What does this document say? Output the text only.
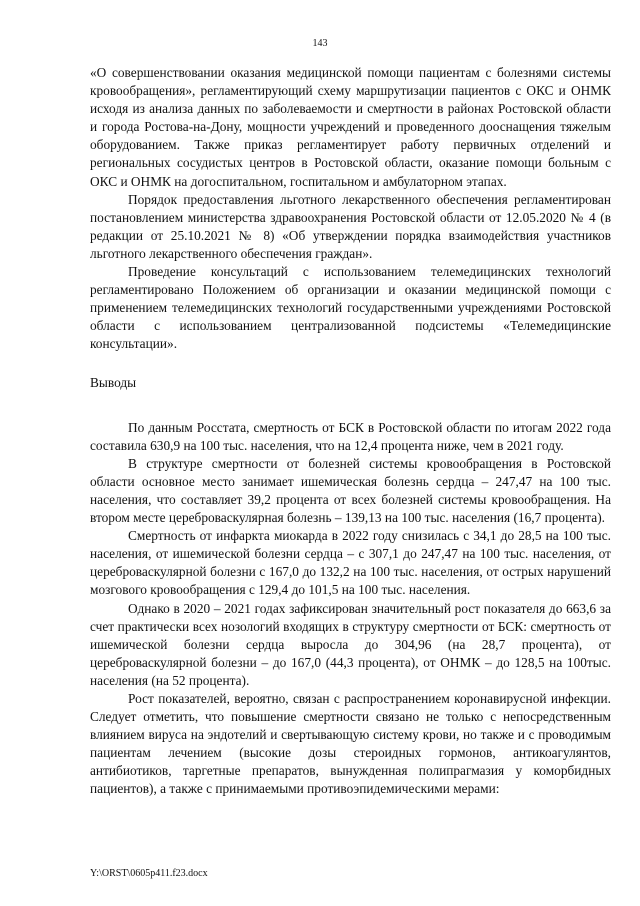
143

«О совершенствовании оказания медицинской помощи пациентам с болезнями системы кровообращения», регламентирующий схему маршрутизации пациентов с ОКС и ОНМК исходя из анализа данных по заболеваемости и смертности в районах Ростовской области и города Ростова-на-Дону, мощности учреждений и проведенного дооснащения тяжелым оборудованием. Также приказ регламентирует работу первичных отделений и региональных сосудистых центров в Ростовской области, оказание помощи больным с ОКС и ОНМК на догоспитальном, госпитальном и амбулаторном этапах.

Порядок предоставления льготного лекарственного обеспечения регламентирован постановлением министерства здравоохранения Ростовской области от 12.05.2020 № 4 (в редакции от 25.10.2021 № 8) «Об утверждении порядка взаимодействия участников льготного лекарственного обеспечения граждан».

Проведение консультаций с использованием телемедицинских технологий регламентировано Положением об организации и оказании медицинской помощи с применением телемедицинских технологий государственными учреждениями Ростовской области с использованием централизованной подсистемы «Телемедицинские консультации».

Выводы

По данным Росстата, смертность от БСК в Ростовской области по итогам 2022 года составила 630,9 на 100 тыс. населения, что на 12,4 процента ниже, чем в 2021 году.

В структуре смертности от болезней системы кровообращения в Ростовской области основное место занимает ишемическая болезнь сердца – 247,47 на 100 тыс. населения, что составляет 39,2 процента от всех болезней системы кровообращения. На втором месте цереброваскулярная болезнь – 139,13 на 100 тыс. населения (16,7 процента).

Смертность от инфаркта миокарда в 2022 году снизилась с 34,1 до 28,5 на 100 тыс. населения, от ишемической болезни сердца – с 307,1 до 247,47 на 100 тыс. населения, от цереброваскулярной болезни с 167,0 до 132,2 на 100 тыс. населения, от острых нарушений мозгового кровообращения с 129,4 до 101,5 на 100 тыс. населения.

Однако в 2020 – 2021 годах зафиксирован значительный рост показателя до 663,6 за счет практически всех нозологий входящих в структуру смертности от БСК: смертность от ишемической болезни сердца выросла до 304,96 (на 28,7 процента), от цереброваскулярной болезни – до 167,0 (44,3 процента), от ОНМК – до 128,5 на 100тыс. населения (на 52 процента).

Рост показателей, вероятно, связан с распространением коронавирусной инфекции. Следует отметить, что повышение смертности связано не только с непосредственным влиянием вируса на эндотелий и свертывающую систему крови, но также и с проводимым пациентам лечением (высокие дозы стероидных гормонов, антикоагулянтов, антибиотиков, таргетные препаратов, вынужденная полипрагмазия у коморбидных пациентов), а также с принимаемыми противоэпидемическими мерами:

Y:\ORST\0605p411.f23.docx
